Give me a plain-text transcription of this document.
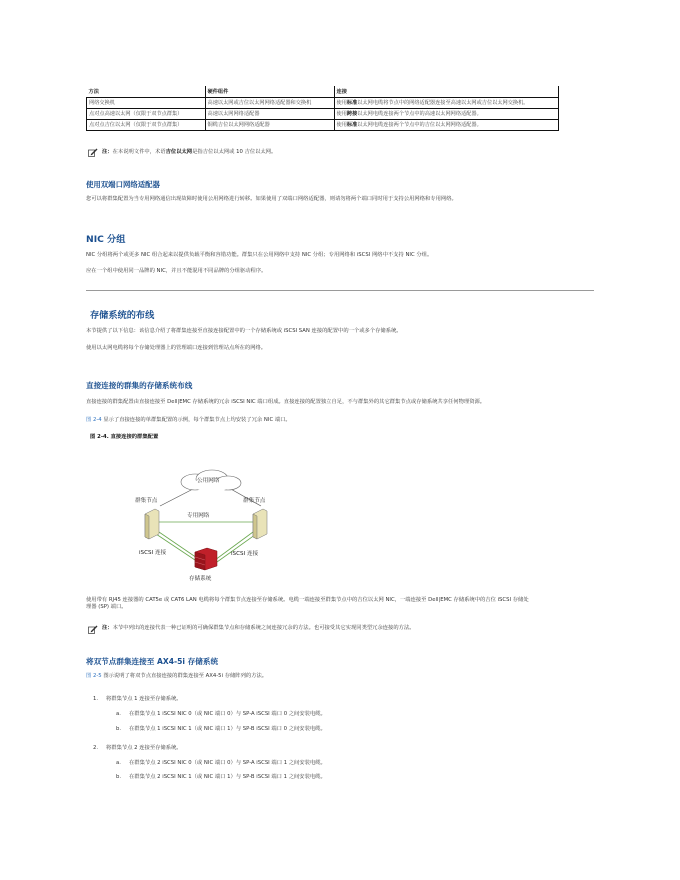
方法	硬件组件	连接
网络交换机	高速以太网或吉位以太网网络适配器和交换机	使用标准以太网电缆将节点中的网络适配器连接至高速以太网或吉位以太网交换机。
点对点高速以太网（仅限于双节点群集）	高速以太网网络适配器	使用跨接以太网电缆连接两个节点中的高速以太网网络适配器。
点对点吉位以太网（仅限于双节点群集）	铜缆吉位以太网网络适配器	使用标准以太网电缆连接两个节点中的吉位以太网网络适配器。
注：在本说明文件中，术语吉位以太网是指吉位以太网或 10 吉位以太网。
使用双端口网络适配器
您可以将群集配置为当专用网络通信出现故障时使用公用网络进行转移。如果使用了双端口网络适配器，则请勿将两个端口同时用于支持公用网络和专用网络。
NIC 分组
NIC 分组将两个或更多 NIC 组合起来以提供负载平衡和容错功能。群集只在公用网络中支持 NIC 分组；专用网络和 iSCSI 网络中不支持 NIC 分组。
应在一个组中使用同一品牌的 NIC，并且不能混用不同品牌的分组驱动程序。
存储系统的布线
本节提供了以下信息：该信息介绍了将群集连接至直接连接配置中的一个存储系统或 iSCSI SAN 连接的配置中的一个或多个存储系统。
使用以太网电缆将每个存储处理器上的管理端口连接到管理站点所在的网络。
直接连接的群集的存储系统布线
直接连接的群集配置由直接连接至 Dell|EMC 存储系统的冗余 iSCSI NIC 端口组成。直接连接的配置独立自足，不与群集外的其它群集节点或存储系统共享任何物理资源。
图 2-4 显示了直接连接的单群集配置的示例，每个群集节点上均安装了冗余 NIC 端口。
图 2-4. 直接连接的群集配置
公用网络
群集节点	群集节点
专用网络
iSCSI 连接	iSCSI 连接
存储系统
使用带有 RJ45 连接器的 CAT5e 或 CAT6 LAN 电缆将每个群集节点连接至存储系统。电缆一端连接至群集节点中的吉位以太网 NIC，一端连接至 Dell|EMC 存储系统中的吉位 iSCSI 存储处
理器 (SP) 端口。
注：本节中列出的连接代表一种已证明的可确保群集节点和存储系统之间连接冗余的方法。也可接受其它实现同类型冗余连接的方法。
将双节点群集连接至 AX4-5i 存储系统
图 2-5 图示说明了将双节点直接连接的群集连接至 AX4-5i 存储阵列的方法。
1. 将群集节点 1 连接至存储系统。
a. 在群集节点 1 iSCSI NIC 0（或 NIC 端口 0）与 SP-A iSCSI 端口 0 之间安装电缆。
b. 在群集节点 1 iSCSI NIC 1（或 NIC 端口 1）与 SP-B iSCSI 端口 0 之间安装电缆。
2. 将群集节点 2 连接至存储系统。
a. 在群集节点 2 iSCSI NIC 0（或 NIC 端口 0）与 SP-A iSCSI 端口 1 之间安装电缆。
b. 在群集节点 2 iSCSI NIC 1（或 NIC 端口 1）与 SP-B iSCSI 端口 1 之间安装电缆。
